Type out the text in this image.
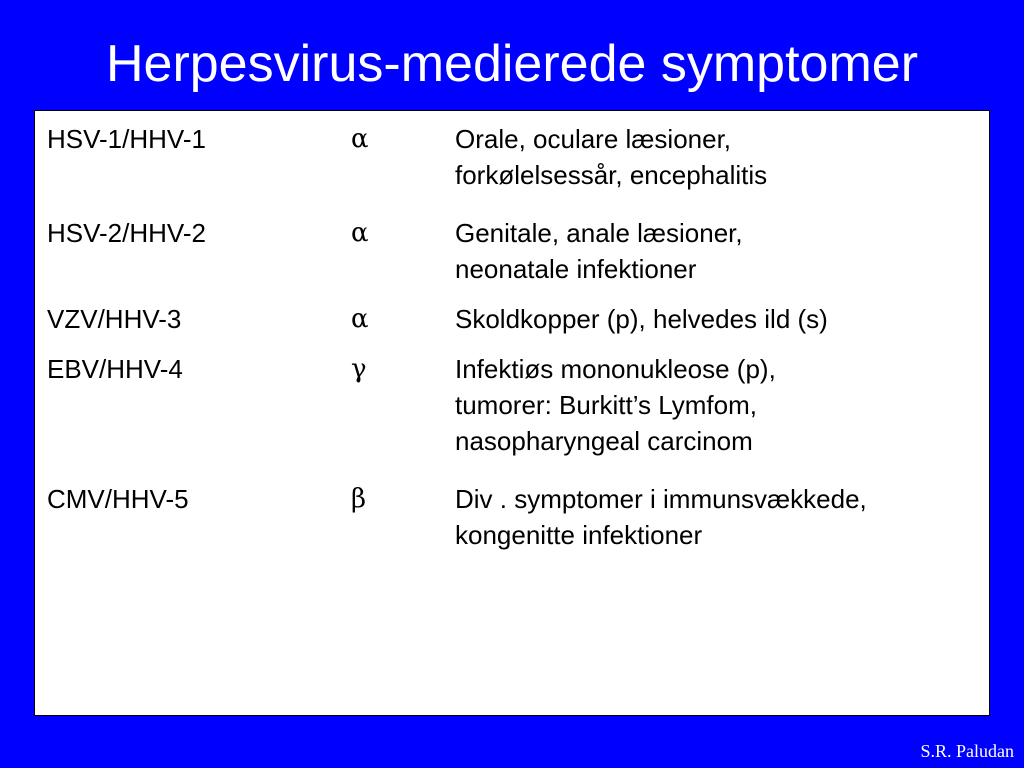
Herpesvirus-medierede symptomer
HSV-1/HHV-1	α	Orale, oculare læsioner,
forkølelsessår, encephalitis
HSV-2/HHV-2	α	Genitale, anale læsioner,
neonatale infektioner
VZV/HHV-3	α	Skoldkopper (p), helvedes ild (s)
EBV/HHV-4	γ	Infektiøs mononukleose (p),
tumorer: Burkitt’s Lymfom,
nasopharyngeal carcinom
CMV/HHV-5	β	Div . symptomer i immunsvækkede,
kongenitte infektioner
S.R. Paludan
